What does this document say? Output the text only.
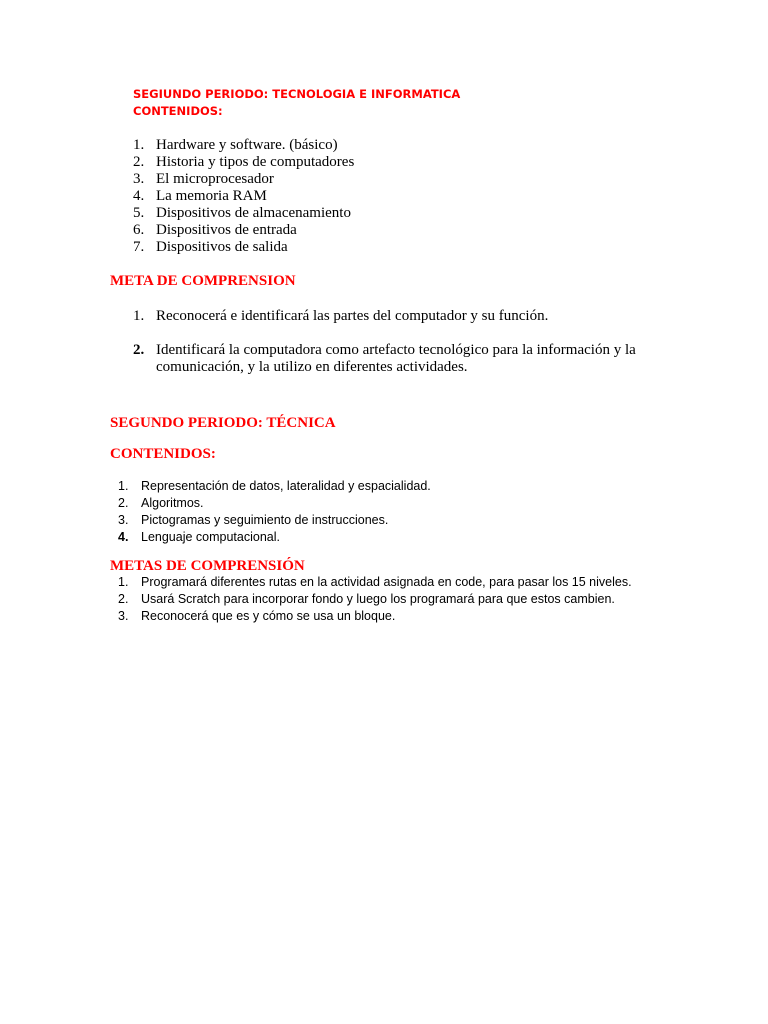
SEGIUNDO PERIODO: TECNOLOGIA E INFORMATICA
CONTENIDOS:
1. Hardware y software. (básico)
2. Historia y tipos de computadores
3. El microprocesador
4. La memoria RAM
5. Dispositivos de almacenamiento
6. Dispositivos de entrada
7. Dispositivos de salida
META DE COMPRENSION
1. Reconocerá e identificará las partes del computador y su función.
2. Identificará la computadora como artefacto tecnológico para la información y la
comunicación, y la utilizo en diferentes actividades.
SEGUNDO PERIODO: TÉCNICA
CONTENIDOS:
1. Representación de datos, lateralidad y espacialidad.
2. Algoritmos.
3. Pictogramas y seguimiento de instrucciones.
4. Lenguaje computacional.
METAS DE COMPRENSIÓN
1. Programará diferentes rutas en la actividad asignada en code, para pasar los 15 niveles.
2. Usará Scratch para incorporar fondo y luego los programará para que estos cambien.
3. Reconocerá que es y cómo se usa un bloque.
